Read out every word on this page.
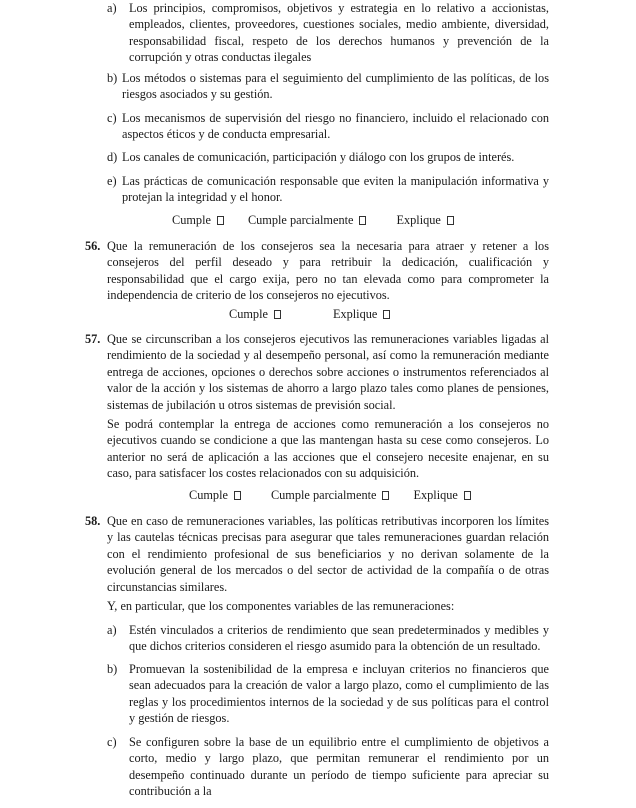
a)	Los principios, compromisos, objetivos y estrategia en lo relativo a accionistas, empleados, clientes, proveedores, cuestiones sociales, medio ambiente, diversidad, responsabilidad fiscal, respeto de los derechos humanos y prevención de la corrupción y otras conductas ilegales
b) Los métodos o sistemas para el seguimiento del cumplimiento de las políticas, de los riesgos asociados y su gestión.
c) Los mecanismos de supervisión del riesgo no financiero, incluido el relacionado con aspectos éticos y de conducta empresarial.
d) Los canales de comunicación, participación y diálogo con los grupos de interés.
e) Las prácticas de comunicación responsable que eviten la manipulación informativa y protejan la integridad y el honor.
Cumple	Cumple parcialmente	Explique
56. Que la remuneración de los consejeros sea la necesaria para atraer y retener a los consejeros del perfil deseado y para retribuir la dedicación, cualificación y responsabilidad que el cargo exija, pero no tan elevada como para comprometer la independencia de criterio de los consejeros no ejecutivos.
Cumple	Explique
57. Que se circunscriban a los consejeros ejecutivos las remuneraciones variables ligadas al rendimiento de la sociedad y al desempeño personal, así como la remuneración mediante entrega de acciones, opciones o derechos sobre acciones o instrumentos referenciados al valor de la acción y los sistemas de ahorro a largo plazo tales como planes de pensiones, sistemas de jubilación u otros sistemas de previsión social.
Se podrá contemplar la entrega de acciones como remuneración a los consejeros no ejecutivos cuando se condicione a que las mantengan hasta su cese como consejeros. Lo anterior no será de aplicación a las acciones que el consejero necesite enajenar, en su caso, para satisfacer los costes relacionados con su adquisición.
Cumple	Cumple parcialmente	Explique
58. Que en caso de remuneraciones variables, las políticas retributivas incorporen los límites y las cautelas técnicas precisas para asegurar que tales remuneraciones guardan relación con el rendimiento profesional de sus beneficiarios y no derivan solamente de la evolución general de los mercados o del sector de actividad de la compañía o de otras circunstancias similares.
Y, en particular, que los componentes variables de las remuneraciones:
a)	Estén vinculados a criterios de rendimiento que sean predeterminados y medibles y que dichos criterios consideren el riesgo asumido para la obtención de un resultado.
b) Promuevan la sostenibilidad de la empresa e incluyan criterios no financieros que sean adecuados para la creación de valor a largo plazo, como el cumplimiento de las reglas y los procedimientos internos de la sociedad y de sus políticas para el control y gestión de riesgos.
c)	Se configuren sobre la base de un equilibrio entre el cumplimiento de objetivos a corto, medio y largo plazo, que permitan remunerar el rendimiento por un desempeño continuado durante un período de tiempo suficiente para apreciar su contribución a la
